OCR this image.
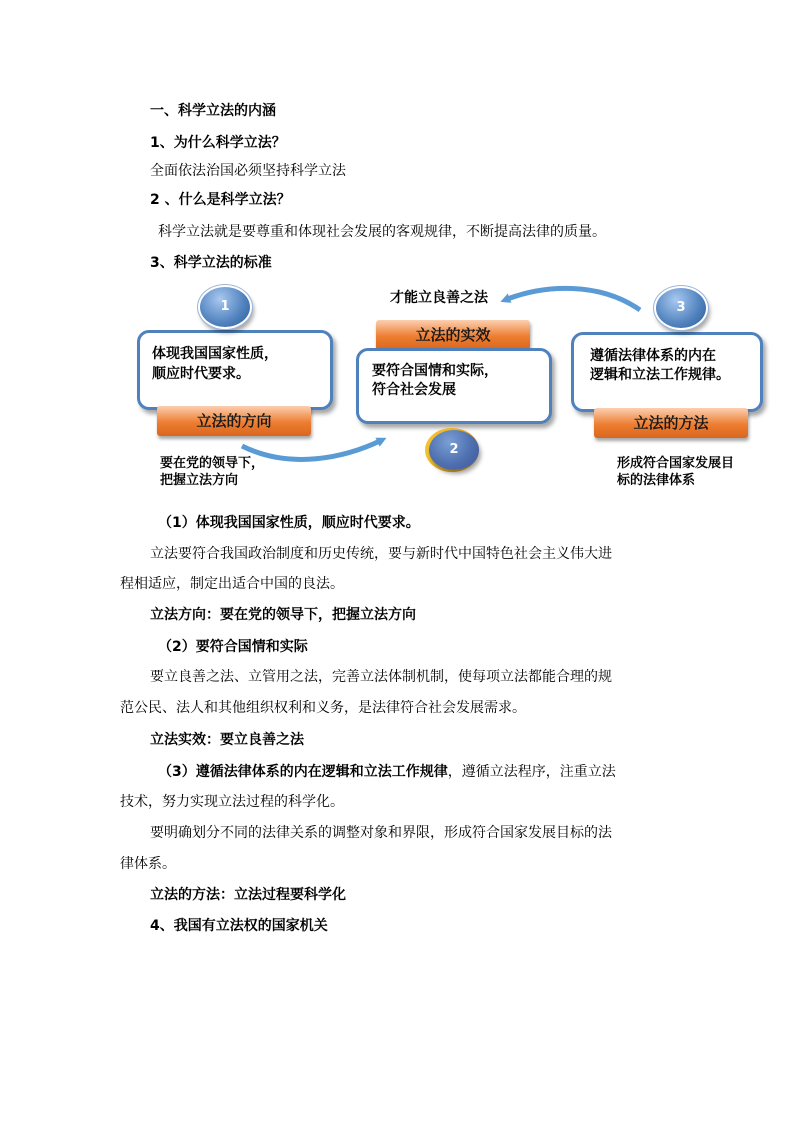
一、科学立法的内涵
1、为什么科学立法？
全面依法治国必须坚持科学立法
2 、什么是科学立法？
科学立法就是要尊重和体现社会发展的客观规律，不断提高法律的质量。
3、科学立法的标准
体现我国国家性质，
顺应时代要求。
1
立法的方向
要在党的领导下，
把握立法方向
立法的实效
要符合国情和实际，
符合社会发展
2
才能立良善之法
遵循法律体系的内在
逻辑和立法工作规律。
3
立法的方法
形成符合国家发展目
标的法律体系
（1）体现我国国家性质，顺应时代要求。
立法要符合我国政治制度和历史传统，要与新时代中国特色社会主义伟大进
程相适应，制定出适合中国的良法。
立法方向：要在党的领导下，把握立法方向
（2）要符合国情和实际
要立良善之法、立管用之法，完善立法体制机制，使每项立法都能合理的规
范公民、法人和其他组织权利和义务，是法律符合社会发展需求。
立法实效：要立良善之法
（3）遵循法律体系的内在逻辑和立法工作规律，遵循立法程序，注重立法
技术，努力实现立法过程的科学化。
要明确划分不同的法律关系的调整对象和界限，形成符合国家发展目标的法
律体系。
立法的方法：立法过程要科学化
4、我国有立法权的国家机关
